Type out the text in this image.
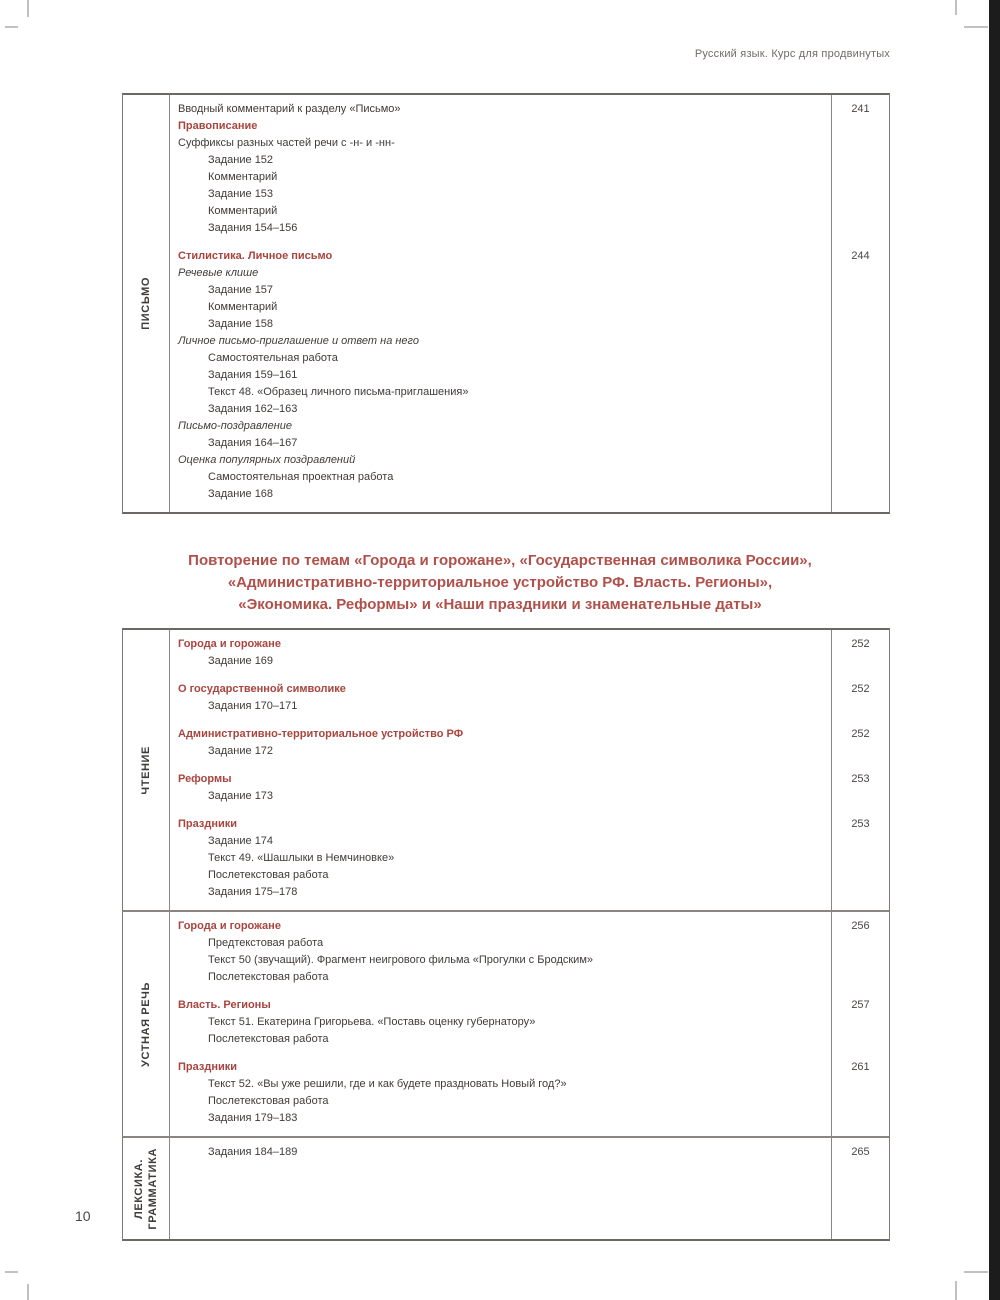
Русский язык. Курс для продвинутых
ПИСЬМО
Вводный комментарий к разделу «Письмо»
Правописание
Суффиксы разных частей речи с -н- и -нн-
Задание 152
Комментарий
Задание 153
Комментарий
Задания 154–156
241
Стилистика. Личное письмо
Речевые клише
Задание 157
Комментарий
Задание 158
Личное письмо-приглашение и ответ на него
Самостоятельная работа
Задания 159–161
Текст 48. «Образец личного письма-приглашения»
Задания 162–163
Письмо-поздравление
Задания 164–167
Оценка популярных поздравлений
Самостоятельная проектная работа
Задание 168
244
Повторение по темам «Города и горожане», «Государственная символика России»,
«Административно-территориальное устройство РФ. Власть. Регионы»,
«Экономика. Реформы» и «Наши праздники и знаменательные даты»
ЧТЕНИЕ
Города и горожане
Задание 169
252
О государственной символике
Задания 170–171
252
Административно-территориальное устройство РФ
Задание 172
252
Реформы
Задание 173
253
Праздники
Задание 174
Текст 49. «Шашлыки в Немчиновке»
Послетекстовая работа
Задания 175–178
253
УСТНАЯ РЕЧЬ
Города и горожане
Предтекстовая работа
Текст 50 (звучащий). Фрагмент неигрового фильма «Прогулки с Бродским»
Послетекстовая работа
256
Власть. Регионы
Текст 51. Екатерина Григорьева. «Поставь оценку губернатору»
Послетекстовая работа
257
Праздники
Текст 52. «Вы уже решили, где и как будете праздновать Новый год?»
Послетекстовая работа
Задания 179–183
261
ЛЕКСИКА. ГРАММАТИКА	Задания 184–189	265
10
